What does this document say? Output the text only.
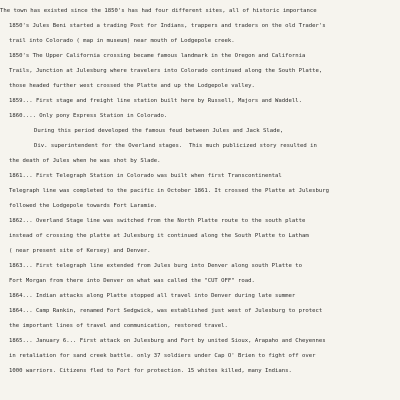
The town has existed since the 1850's has had four different sites, all of historic importance
1850's Jules Beni started a trading Post for Indians, trappers and traders on the old Trader's
trail into Colorado ( map in museum) near mouth of Lodgepole creek.
1850's The Upper California crossing became famous landmark in the Oregon and California
Trails, Junction at Julesburg where travelers into Colorado continued along the South Platte,
those headed further west crossed the Platte and up the Lodgepole valley.
1859... First stage and freight line station built here by Russell, Majors and Waddell.
1860.... Only pony Express Station in Colorado.
During this period developed the famous feud between Jules and Jack Slade,
Div. superintendent for the Overland stages.  This much publicized story resulted in
the death of Jules when he was shot by Slade.
1861... First Telegraph Station in Colorado was built when first Transcontinental
Telegraph line was completed to the pacific in October 1861. It crossed the Platte at Julesburg
followed the Lodgepole towards Fort Laramie.
1862... Overland Stage line was switched from the North Platte route to the south platte
instead of crossing the platte at Julesburg it continued along the South Platte to Latham
( near present site of Kersey) and Denver.
1863... First telegraph line extended from Jules burg into Denver along south Platte to
Fort Morgan from there into Denver on what was called the "CUT OFF" road.
1864... Indian attacks along Platte stopped all travel into Denver during late summer
1864... Camp Rankin, renamed Fort Sedgwick, was established just west of Julesburg to protect
the important lines of travel and communication, restored travel.
1865... January 6... First attack on Julesburg and Fort by united Sioux, Arapaho and Cheyennes
in retaliation for sand creek battle. only 37 soldiers under Cap O' Brien to fight off over
1000 warriors. Citizens fled to Fort for protection. 15 whites killed, many Indians.
